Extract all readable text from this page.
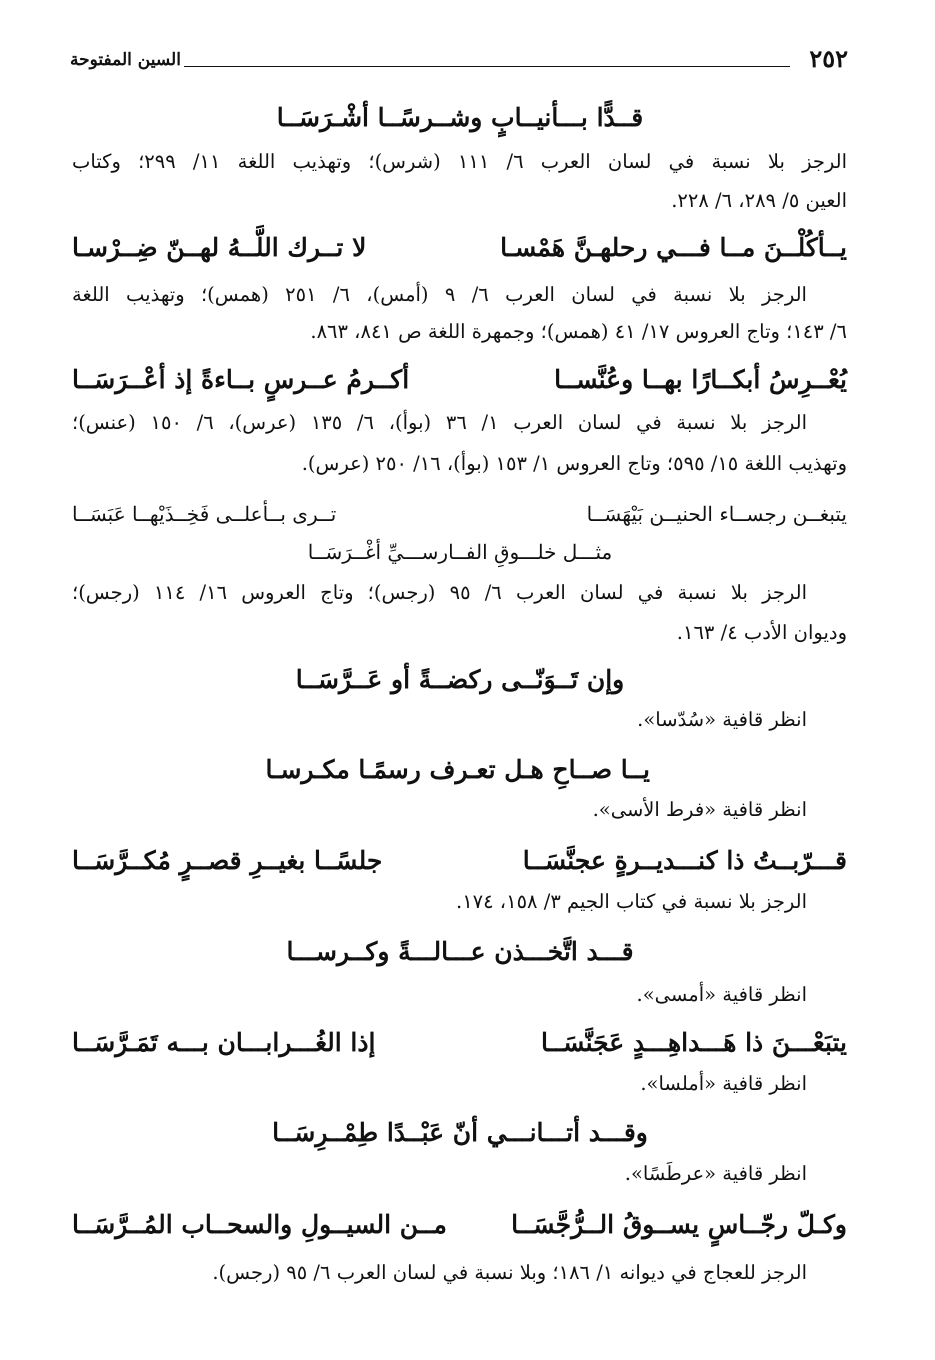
٢٥٢
السين المفتوحة
قــدًّا بـــأنيــابٍ وشــرسًــا أشْـرَسَــا
الرجز بلا نسبة في لسان العرب ٦/ ١١١ (شرس)؛ وتهذيب اللغة ١١/ ٢٩٩؛ وكتاب
العين ٥/ ٢٨٩، ٦/ ٢٢٨.
يــأكُلْــنَ مــا فـــي رحلهـنَّ هَمْسـا
لا تــرك اللَّــهُ لهــنّ ضِــرْسـا
الرجز بلا نسبة في لسان العرب ٦/ ٩ (أمس)، ٦/ ٢٥١ (همس)؛ وتهذيب اللغة
٦/ ١٤٣؛ وتاج العروس ١٧/ ٤١ (همس)؛ وجمهرة اللغة ص ٨٤١، ٨٦٣.
يُعْــرِسُ أبكــارًا بهــا وعُنَّســا
أكــرمُ عــرسٍ بــاءةً إذ أعْــرَسَــا
الرجز بلا نسبة في لسان العرب ١/ ٣٦ (بوأ)، ٦/ ١٣٥ (عرس)، ٦/ ١٥٠ (عنس)؛
وتهذيب اللغة ١٥/ ٥٩٥؛ وتاج العروس ١/ ١٥٣ (بوأ)، ١٦/ ٢٥٠ (عرس).
يتبغــن رجســاء الحنيــن بَيْهَسَــا
تــرى بــأعلــى فَخِــذَيْهــا عَبَسَــا
مثـــل خلـــوقِ الفــارســـيِّ أغْــرَسَــا
الرجز بلا نسبة في لسان العرب ٦/ ٩٥ (رجس)؛ وتاج العروس ١٦/ ١١٤ (رجس)؛
وديوان الأدب ٤/ ١٦٣.
وإن تَــوَنّــى ركضــةً أو عَــرَّسَــا
انظر قافية «سُدّسا».
يــا صــاحِ هـل تعـرف رسمًـا مكـرسـا
انظر قافية «فرط الأسى».
قـــرّبــتُ ذا كنـــديــرةٍ عجنَّسَــا
جلسًــا بغيــرِ قصــرٍ مُكــرَّسَــا
الرجز بلا نسبة في كتاب الجيم ٣/ ١٥٨، ١٧٤.
قـــد اتَّخـــذن عـــالـــةً وكــرســـا
انظر قافية «أمسى».
يتبَعْـــنَ ذا هَـــداهِـــدٍ عَجَنَّسَــا
إذا الغُـــرابـــان بـــه تَمَـرَّسَــا
انظر قافية «أملسا».
وقـــد أتـــانـــي أنّ عَبْــدًا طِمْــرِسَــا
انظر قافية «عرطَسًا».
وكـلّ رجّــاسٍ يســوقُ الــرُّجَّسَــا
مــن السيــولِ والسحــاب المُــرَّسَــا
الرجز للعجاج في ديوانه ١/ ١٨٦؛ وبلا نسبة في لسان العرب ٦/ ٩٥ (رجس).
